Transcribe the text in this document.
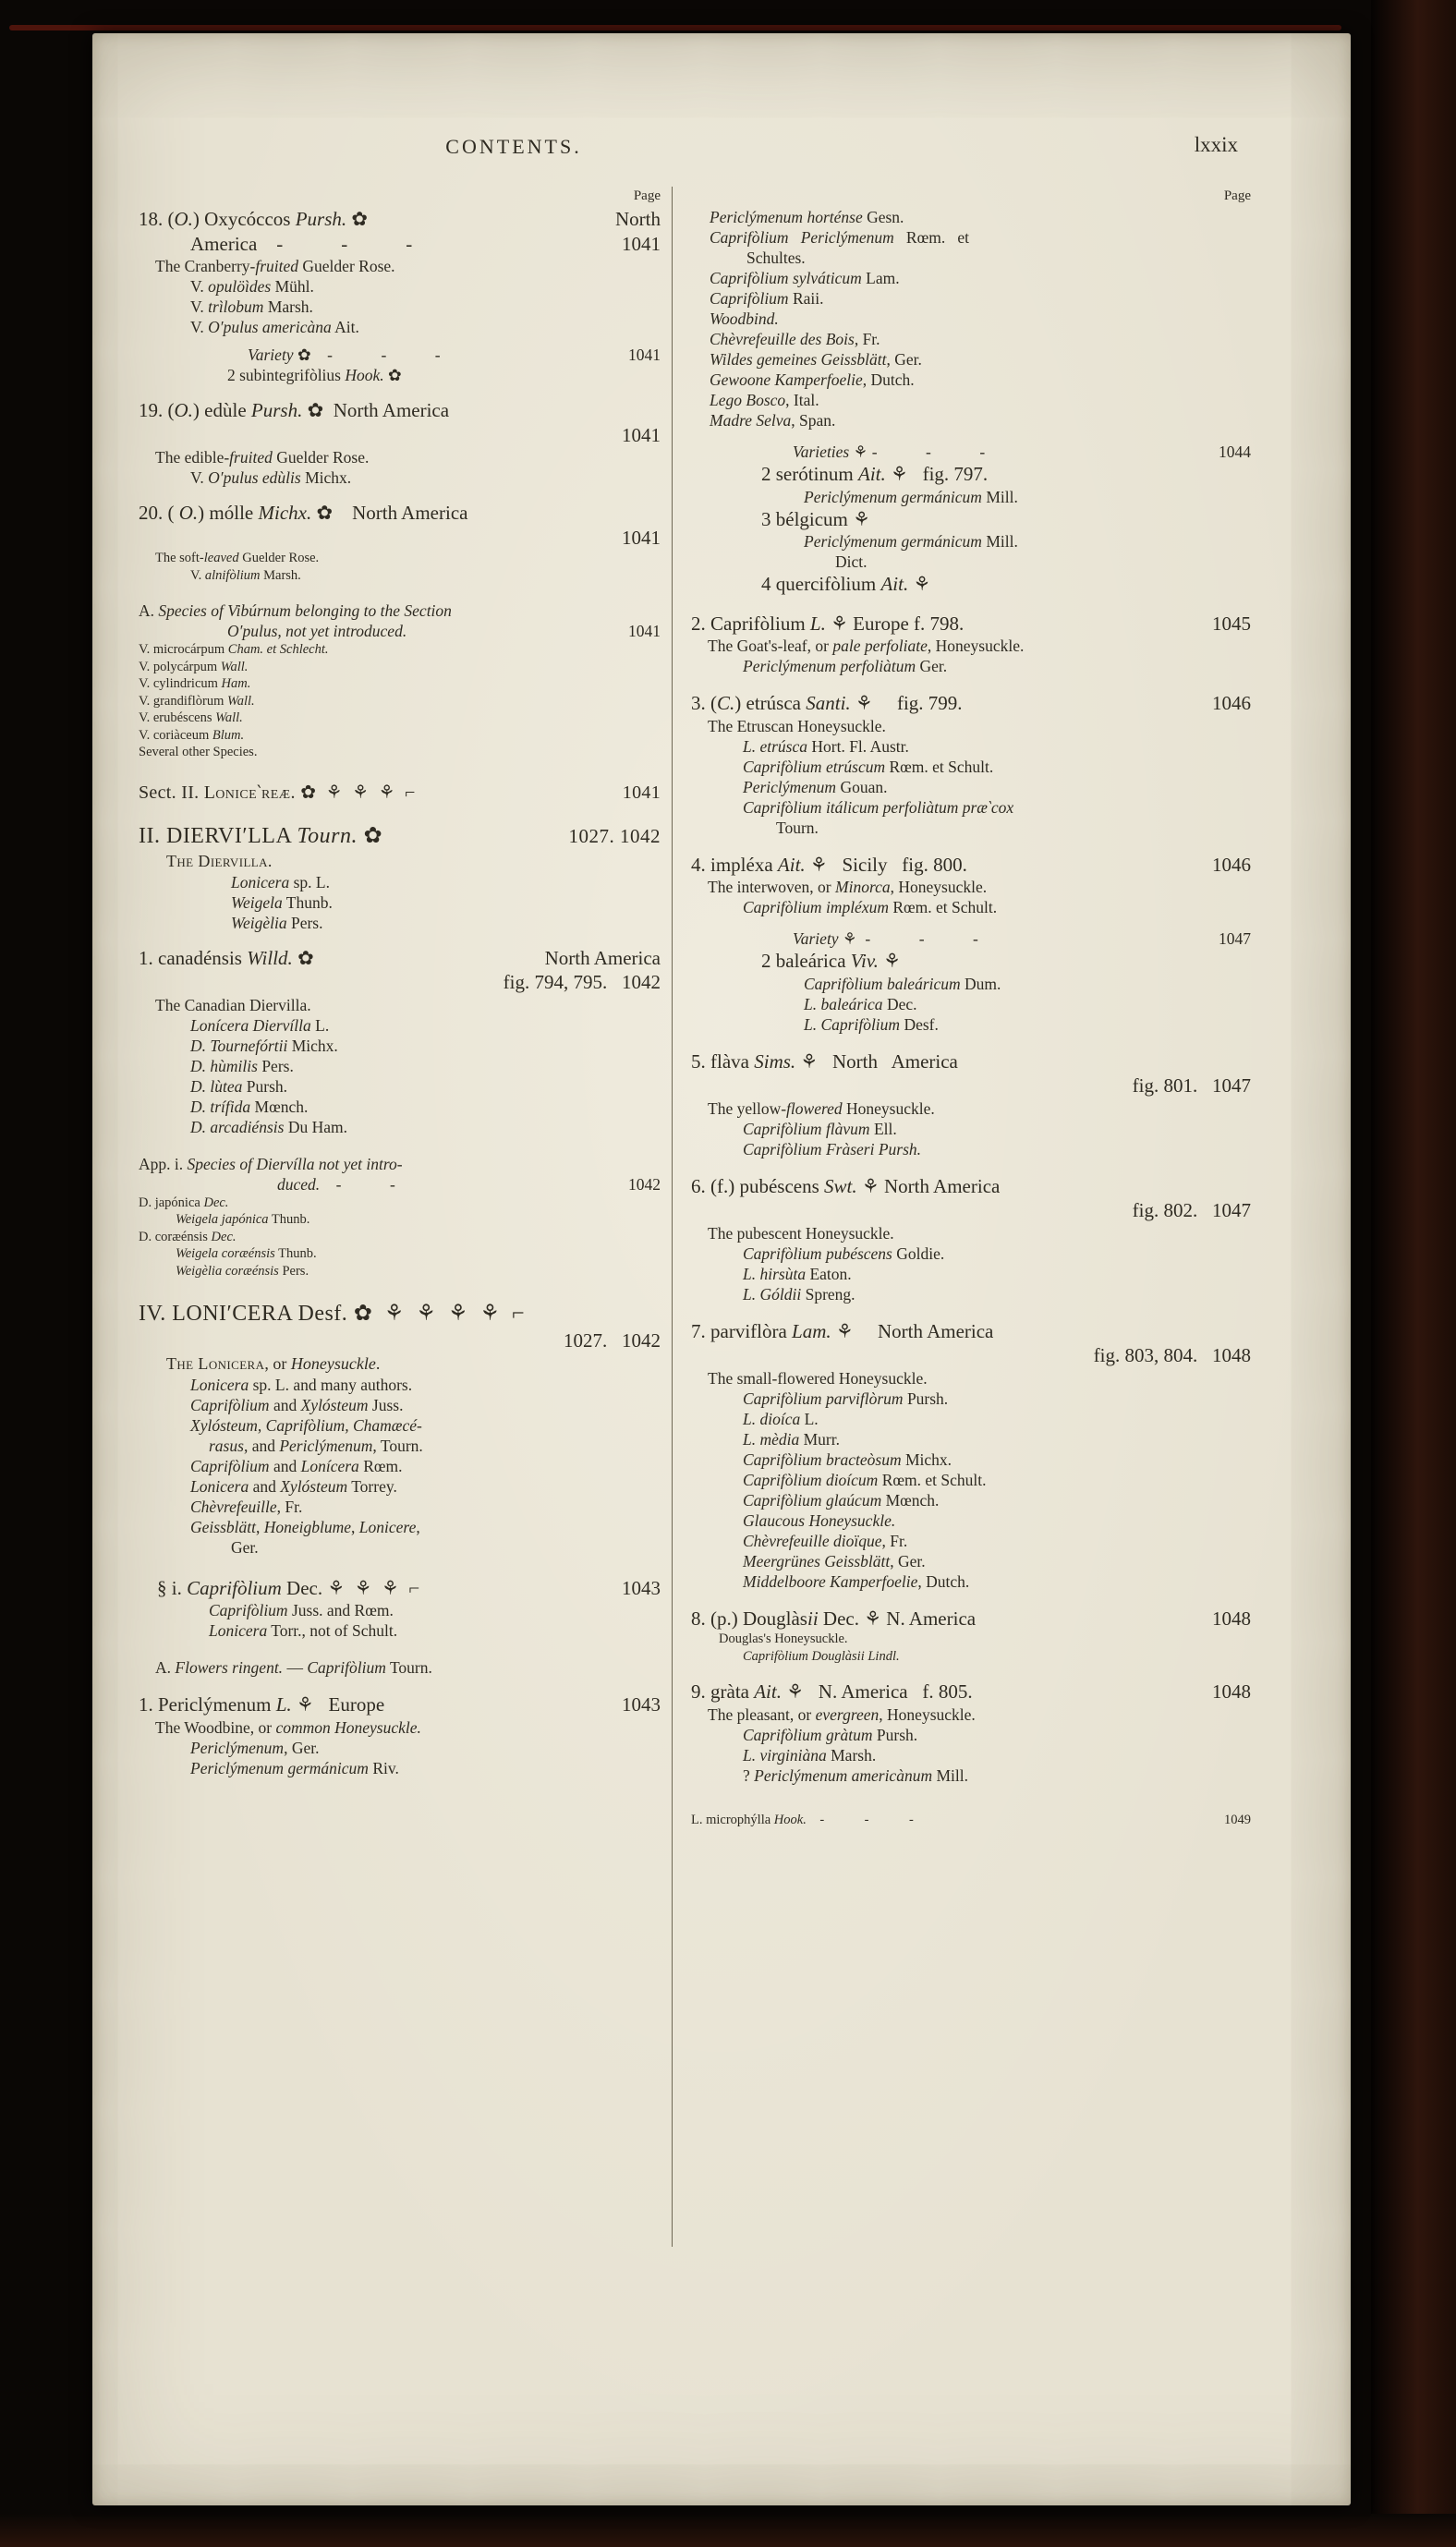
CONTENTS.	lxxix
Page
18. (O.) Oxycóccos Pursh. ✿	North
America -   -   -	1041
The Cranberry-fruited Guelder Rose.
V. opulöìdes Mühl.
V. trìlobum Marsh.
V. O′pulus americàna Ait.
Variety ✿ -   -   -	1041
2 subintegrifòlius Hook. ✿
19. (O.) edùle Pursh. ✿ North America
1041
The edible-fruited Guelder Rose.
V. O′pulus edùlis Michx.
20. ( O.) mólle Michx. ✿ North America
1041
The soft-leaved Guelder Rose.
V. alnifòlium Marsh.
A. Species of Vibúrnum belonging to the Section
O′pulus, not yet introduced.	1041
V. microcárpum Cham. et Schlecht.
V. polycárpum Wall.
V. cylindricum Ham.
V. grandiflòrum Wall.
V. erubéscens Wall.
V. coriàceum Blum.
Several other Species.
Sect. II. Lonice‵reæ. ✿ ⚘ ⚘ ⚘ ⌐	1041
II. DIERVI′LLA Tourn. ✿	1027. 1042
The Diervilla.
Lonicera sp. L.
Weigela Thunb.
Weigèlia Pers.
1. canadénsis Willd. ✿	North America
fig. 794, 795.  1042
The Canadian Diervilla.
Lonícera Diervílla L.
D. Tournefórtii Michx.
D. hùmilis Pers.
D. lùtea Pursh.
D. trífida Mœnch.
D. arcadiénsis Du Ham.
App. i. Species of Diervílla not yet intro-
duced. -   -	1042
D. japónica Dec.
Weigela japónica Thunb.
D. coræénsis Dec.
Weigela coræénsis Thunb.
Weigèlia coræénsis Pers.
IV. LONI′CERA Desf. ✿ ⚘ ⚘ ⚘ ⚘ ⌐
1027.  1042
The Lonicera, or Honeysuckle.
Lonicera sp. L. and many authors.
Caprifòlium and Xylósteum Juss.
Xylósteum, Caprifòlium, Chamæcé-
rasus, and Periclýmenum, Tourn.
Caprifòlium and Lonícera Rœm.
Lonicera and Xylósteum Torrey.
Chèvrefeuille, Fr.
Geissblätt, Honeigblume, Lonicere,
Ger.
§ i. Caprifòlium Dec. ⚘ ⚘ ⚘ ⌐	1043
Caprifòlium Juss. and Rœm.
Lonicera Torr., not of Schult.
A. Flowers ringent. — Caprifòlium Tourn.
1. Periclýmenum L. ⚘  Europe	1043
The Woodbine, or common Honeysuckle.
Periclýmenum, Ger.
Periclýmenum germánicum Riv.
Page
Periclýmenum horténse Gesn.
Caprifòlium  Periclýmenum  Rœm.  et
Schultes.
Caprifòlium sylváticum Lam.
Caprifòlium Raii.
Woodbind.
Chèvrefeuille des Bois, Fr.
Wildes gemeines Geissblätt, Ger.
Gewoone Kamperfoelie, Dutch.
Lego Bosco, Ital.
Madre Selva, Span.
Varieties ⚘ -   -   -	1044
2 serótinum Ait. ⚘  fig. 797.
Periclýmenum germánicum Mill.
3 bélgicum ⚘
Periclýmenum germánicum Mill.
Dict.
4 quercifòlium Ait. ⚘
2. Caprifòlium L. ⚘ Europe f. 798.	1045
The Goat's-leaf, or pale perfoliate, Honeysuckle.
Periclýmenum perfoliàtum Ger.
3. (C.) etrúsca Santi. ⚘  fig. 799.	1046
The Etruscan Honeysuckle.
L. etrúsca Hort. Fl. Austr.
Caprifòlium etrúscum Rœm. et Schult.
Periclýmenum Gouan.
Caprifòlium itálicum perfoliàtum præ‵cox
Tourn.
4. impléxa Ait. ⚘  Sicily  fig. 800.	1046
The interwoven, or Minorca, Honeysuckle.
Caprifòlium impléxum Rœm. et Schult.
Variety ⚘ -   -   -	1047
2 baleárica Viv. ⚘
Caprifòlium baleáricum Dum.
L. baleárica Dec.
L. Caprifòlium Desf.
5. flàva Sims. ⚘  North  America
fig. 801.  1047
The yellow-flowered Honeysuckle.
Caprifòlium flàvum Ell.
Caprifòlium Fràseri Pursh.
6. (f.) pubéscens Swt. ⚘ North America
fig. 802.  1047
The pubescent Honeysuckle.
Caprifòlium pubéscens Goldie.
L. hirsùta Eaton.
L. Góldii Spreng.
7. parviflòra Lam. ⚘  North America
fig. 803, 804.  1048
The small-flowered Honeysuckle.
Caprifòlium parviflòrum Pursh.
L. dioíca L.
L. mèdia Murr.
Caprifòlium bracteòsum Michx.
Caprifòlium dioícum Rœm. et Schult.
Caprifòlium glaúcum Mœnch.
Glaucous Honeysuckle.
Chèvrefeuille dioïque, Fr.
Meergrünes Geissblätt, Ger.
Middelboore Kamperfoelie, Dutch.
8. (p.) Douglàsii Dec. ⚘ N. America	1048
Douglas's Honeysuckle.
Caprifòlium Douglàsii Lindl.
9. gràta Ait. ⚘  N. America  f. 805.	1048
The pleasant, or evergreen, Honeysuckle.
Caprifòlium gràtum Pursh.
L. virginiàna Marsh.
? Periclýmenum americànum Mill.
L. microphýlla Hook. -   -   -	1049
